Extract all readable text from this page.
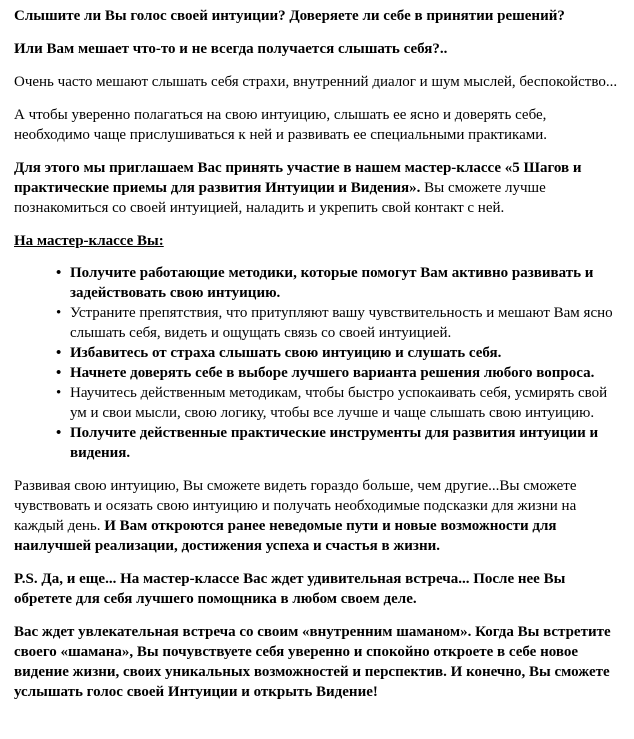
Слышите ли Вы голос своей интуиции? Доверяете ли себе в принятии решений?

Или Вам мешает что-то и не всегда получается слышать себя?..

Очень часто мешают слышать себя страхи, внутренний диалог и шум мыслей, беспокойство...

А чтобы уверенно полагаться на свою интуицию, слышать ее ясно и доверять себе, необходимо чаще прислушиваться к ней и развивать ее специальными практиками.

Для этого мы приглашаем Вас принять участие в нашем мастер-классе «5 Шагов и практические приемы для развития Интуиции и Видения». Вы сможете лучше познакомиться со своей интуицией, наладить и укрепить свой контакт с ней.

На мастер-классе Вы:
• Получите работающие методики, которые помогут Вам активно развивать и задействовать свою интуицию.
• Устраните препятствия, что притупляют вашу чувствительность и мешают Вам ясно слышать себя, видеть и ощущать связь со своей интуицией.
• Избавитесь от страха слышать свою интуицию и слушать себя.
• Начнете доверять себе в выборе лучшего варианта решения любого вопроса.
• Научитесь действенным методикам, чтобы быстро успокаивать себя, усмирять свой ум и свои мысли, свою логику, чтобы все лучше и чаще слышать свою интуицию.
• Получите действенные практические инструменты для развития интуиции и видения.

Развивая свою интуицию, Вы сможете видеть гораздо больше, чем другие...Вы сможете чувствовать и осязать свою интуицию и получать необходимые подсказки для жизни на каждый день. И Вам откроются ранее неведомые пути и новые возможности для наилучшей реализации, достижения успеха и счастья в жизни.

P.S. Да, и еще... На мастер-классе Вас ждет удивительная встреча... После нее Вы обретете для себя лучшего помощника в любом своем деле.

Вас ждет увлекательная встреча со своим «внутренним шаманом». Когда Вы встретите своего «шамана», Вы почувствуете себя уверенно и спокойно откроете в себе новое видение жизни, своих уникальных возможностей и перспектив. И конечно, Вы сможете услышать голос своей Интуиции и открыть Видение!
